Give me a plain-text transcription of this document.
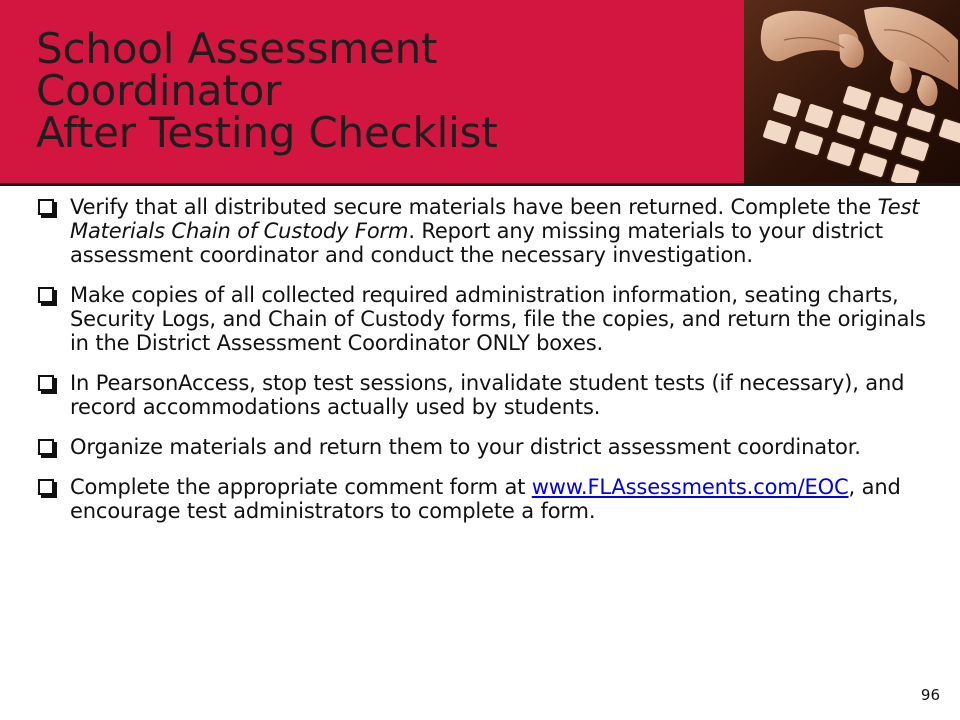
School Assessment
Coordinator
After Testing Checklist
Verify that all distributed secure materials have been returned. Complete the Test Materials Chain of Custody Form. Report any missing materials to your district assessment coordinator and conduct the necessary investigation.
Make copies of all collected required administration information, seating charts, Security Logs, and Chain of Custody forms, file the copies, and return the originals in the District Assessment Coordinator ONLY boxes.
In PearsonAccess, stop test sessions, invalidate student tests (if necessary), and record accommodations actually used by students.
Organize materials and return them to your district assessment coordinator.
Complete the appropriate comment form at www.FLAssessments.com/EOC, and encourage test administrators to complete a form.
96
